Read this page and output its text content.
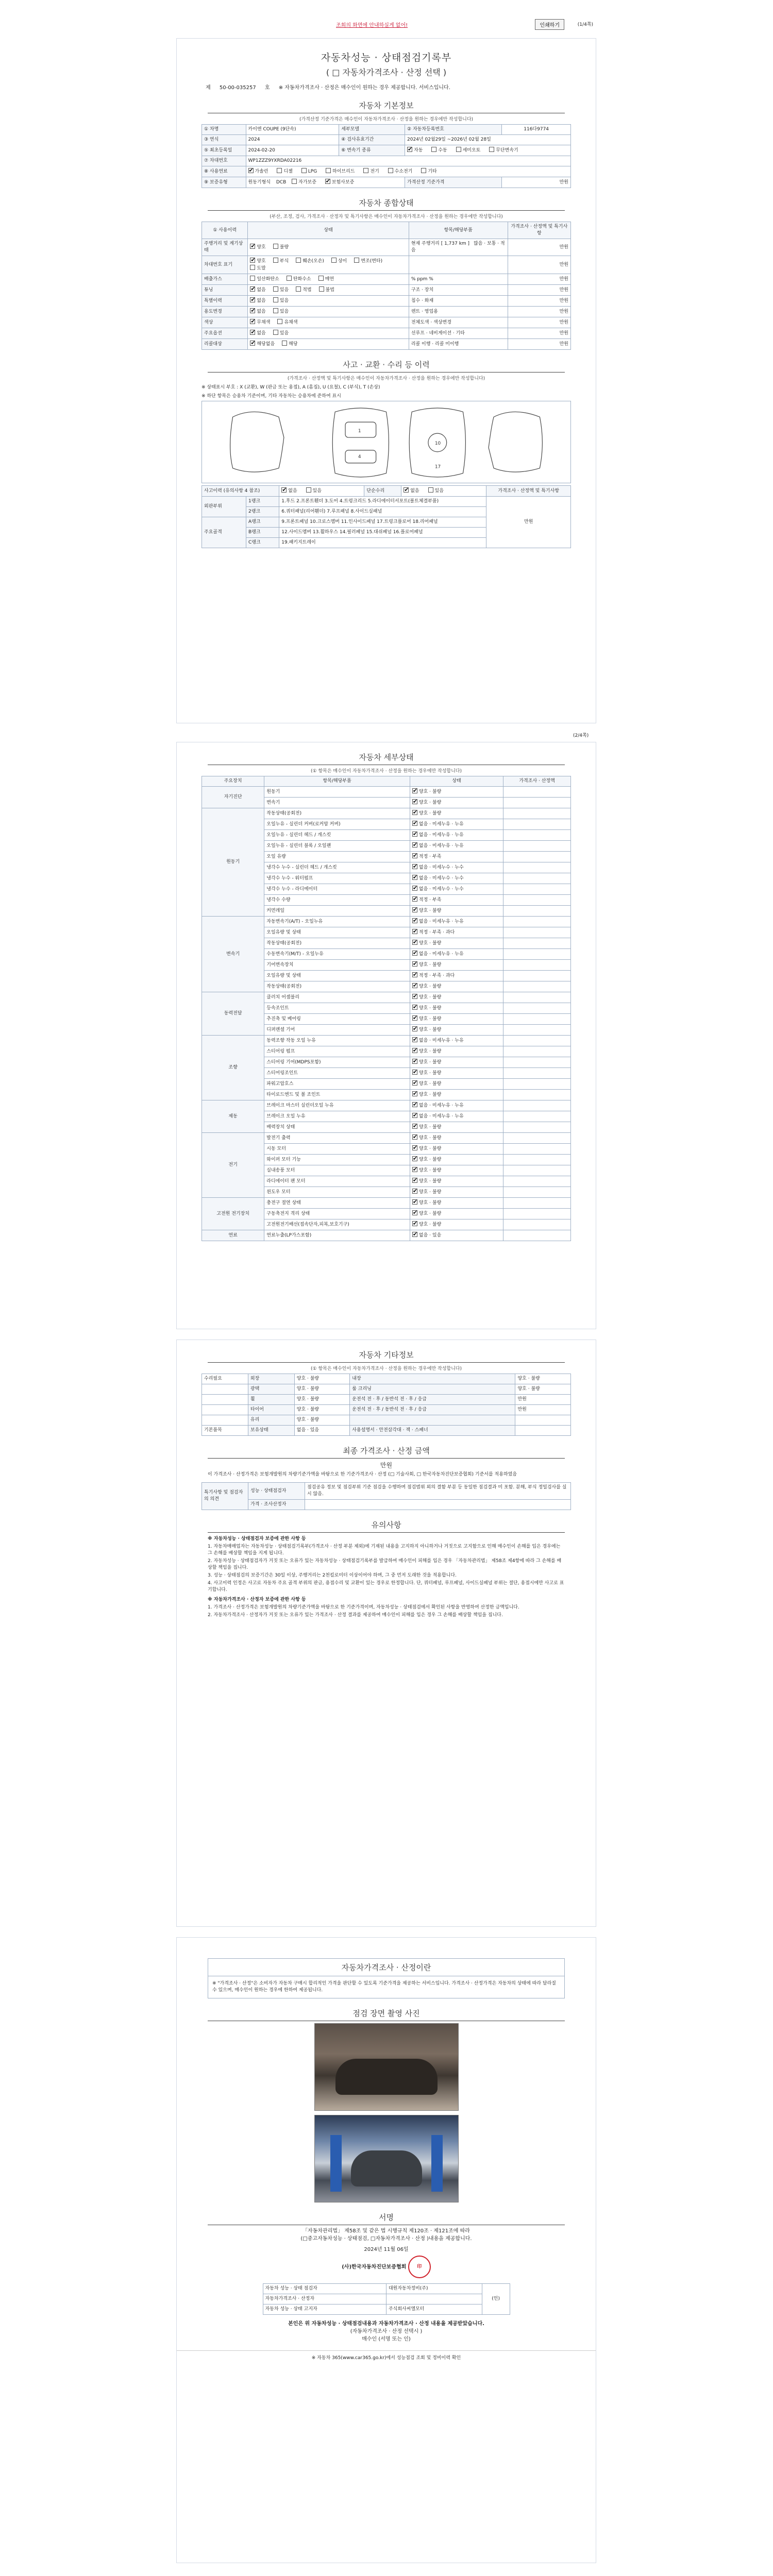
조회의 화면에 안내하실게 없어!	인쇄하기	(1/4쪽)
자동차성능 · 상태점검기록부
( □ 자동차가격조사 · 산정 선택 )
제 50-00-035257 호 ※ 자동차가격조사 · 산정은 매수인이 원하는 경우 제공합니다. 서비스입니다.
자동차 기본정보
(가격산정 기준가격은 매수인이 자동차가격조사 · 산정을 원하는 경우에만 작성합니다)
① 차명	카이엔 COUPE (9단속)	세부모델	② 자동차등록번호	116다9774
③ 연식	2024	④ 검사유효기간	2024년 02월29일 ~2026년 02월 28일	
⑤ 최초등록일	2024-02-20	⑥ 변속기 종류	✔자동 수동 세미오토 무단변속기
⑦ 차대번호	WP1ZZZ9YXRDA02216			
⑧ 사용연료	✔가솔린 디젤 LPG 하이브리드 전기 수소전기 기타
⑨ 보증유형	원동기형식 DCB 자가보증 ✔ 보험사보증		가격산정 기준가격	만원
자동차 종합상태
(부산, 조정, 검사, 가격조사 · 산정자 및 특기사항은 매수인이 자동차가격조사 · 산정을 원하는 경우에만 작성합니다)
① 사용이력	상태	항목/해당부품	가격조사 · 산정액 및 특기사항
주행거리 및 계기상태	✔양호 불량	현재 주행거리 [ 1,737 km ] 많음 · 보통 · 적음	만원
차대번호 표기	✔양호 부식 훼손(오손) 상이 변조(변타)도말		만원
배출가스	일산화탄소 탄화수소 매연	% ppm %	만원
튜닝	✔없음 있음 적법 불법	구조 · 장치	만원
특별이력	✔없음 있음	침수 · 화재	만원
용도변경	✔없음 있음	렌트 · 영업용	만원
색상	✔무채색 유채색	전체도색 · 색상변경	만원
주요옵션	✔없음 있음	선루프 · 네비게이션 · 기타	만원
리콜대상	✔해당없음 해당	리콜 이행 · 리콜 미이행	만원
사고 · 교환 · 수리 등 이력
(가격조사 · 산정액 및 특기사항은 매수인이 자동차가격조사 · 산정을 원하는 경우에만 작성합니다)
※ 상태표시 부호 : X (교환), W (판금 또는 용접), A (흠집), U (요철), C (부식), T (손상)
※ 하단 항목은 승용차 기준이며, 기타 자동차는 승용차에 준하여 표시
1
4
10
17
사고이력 (유의사항 4 참조)	✔없음 있음	단순수리	✔없음 있음	가격조사 · 산정액 및 특기사항
외판부위	1랭크	1.후드 2.프론트휀더 3.도어 4.트렁크리드 5.라디에이터서포트(볼트체결부품)			만원
	2랭크	6.쿼터패널(리어휀더) 7.루프패널 8.사이드실패널			
주요골격	A랭크	9.프론트패널 10.크로스멤버 11.인사이드패널 17.트렁크플로어 18.리어패널			
	B랭크	12.사이드멤버 13.휠하우스 14.필러패널 15.대쉬패널 16.플로어패널			
	C랭크	19.패키지트레이			
(2/4쪽)
자동차 세부상태
(① 항목은 매수인이 자동차가격조사 · 산정을 원하는 경우에만 작성합니다)
주요장치	항목/해당부품	상태	가격조사 · 산정액
자기진단	원동기	✔양호 · 불량	
	변속기	✔양호 · 불량	
원동기	작동상태(공회전)	✔양호 · 불량	
	오일누유 - 실린더 커버(로커암 커버)	✔없음 · 미세누유 · 누유	
	오일누유 - 실린더 헤드 / 개스킷	✔없음 · 미세누유 · 누유	
	오일누유 - 실린더 블록 / 오일팬	✔없음 · 미세누유 · 누유	
	오일 유량	✔적정 · 부족	
	냉각수 누수 - 실린더 헤드 / 개스킷	✔없음 · 미세누수 · 누수	
	냉각수 누수 - 워터펌프	✔없음 · 미세누수 · 누수	
	냉각수 누수 - 라디에이터	✔없음 · 미세누수 · 누수	
	냉각수 수량	✔적정 · 부족	
	커먼레일	✔양호 · 불량	
변속기	자동변속기(A/T) - 오일누유	✔없음 · 미세누유 · 누유	
	오일유량 및 상태	✔적정 · 부족 · 과다	
	작동상태(공회전)	✔양호 · 불량	
	수동변속기(M/T) - 오일누유	✔없음 · 미세누유 · 누유	
	기어변속장치	✔양호 · 불량	
	오일유량 및 상태	✔적정 · 부족 · 과다	
	작동상태(공회전)	✔양호 · 불량	
동력전달	클러치 어셈블리	✔양호 · 불량	
	등속조인트	✔양호 · 불량	
	추진축 및 베어링	✔양호 · 불량	
	디퍼렌셜 기어	✔양호 · 불량	
조향	동력조향 작동 오일 누유	✔없음 · 미세누유 · 누유	
	스티어링 펌프	✔양호 · 불량	
	스티어링 기어(MDPS포함)	✔양호 · 불량	
	스티어링조인트	✔양호 · 불량	
	파워고압호스	✔양호 · 불량	
	타이로드엔드 및 볼 조인트	✔양호 · 불량	
제동	브레이크 마스터 실린더오일 누유	✔없음 · 미세누유 · 누유	
	브레이크 오일 누유	✔없음 · 미세누유 · 누유	
	배력장치 상태	✔양호 · 불량	
전기	발전기 출력	✔양호 · 불량	
	시동 모터	✔양호 · 불량	
	와이퍼 모터 기능	✔양호 · 불량	
	실내송풍 모터	✔양호 · 불량	
	라디에이터 팬 모터	✔양호 · 불량	
	윈도우 모터	✔양호 · 불량	
고전원 전기장치	충전구 절연 상태	✔양호 · 불량	
	구동축전지 격리 상태	✔양호 · 불량	
	고전원전기배선(접속단자,피복,보호기구)	✔양호 · 불량	
연료	연료누출(LP가스포함)	✔없음 · 있음	
자동차 기타정보
(① 항목은 매수인이 자동차가격조사 · 산정을 원하는 경우에만 작성합니다)
수리필요	외장	양호 · 불량	내장	양호 · 불량
	광택	양호 · 불량	룸 크리닝	양호 · 불량
	휠	양호 · 불량	운전석 전 · 후 / 동반석 전 · 후 / 응급	만원
	타이어	양호 · 불량	운전석 전 · 후 / 동반석 전 · 후 / 응급	만원
	유리	양호 · 불량		
기본품목	보유상태	없음 · 있음	사용설명서 · 안전삼각대 · 잭 · 스패너	
최종 가격조사 · 산정 금액
만원
이 가격조사 · 산정가격은 보험개발원의 차량기준가액을 바탕으로 한 기준가격조사 · 산정 (□ 기술사회, □ 한국자동차진단보증협회) 기준서를 적용하였음
특기사항 및 점검자의 의견	성능 · 상태점검자	점검공유 정보 및 점검부위 기준 점검을 수행하며 점검범위 외의 결함 부분 등 동일한 점검결과 미 포함. 분해, 부식 정밀검사를 실시 않음.
	가격 · 조사산정자	
유의사항

※ 자동차성능 · 상태점검자 보증에 관한 사항 등

1. 자동차매매업자는 자동차성능 · 상태점검기록부(가격조사 · 산정 부분 제외)에 기재된 내용을 고지하지 아니하거나 거짓으로 고지함으로 인해 매수인이 손해를 입은 경우에는 그 손해를 배상할 책임을 지게 됩니다.

2. 자동차성능 · 상태점검자가 거짓 또는 오류가 있는 자동차성능 · 상태점검기록부를 발급하여 매수인이 피해를 입은 경우 「자동차관리법」 제58조 제4항에 따라 그 손해를 배상할 책임을 집니다.

3. 성능 · 상태점검의 보증기간은 30일 이상, 주행거리는 2천킬로미터 이상이어야 하며, 그 중 먼저 도래한 것을 적용합니다.

4. 사고이력 인정은 사고로 자동차 주요 골격 부위의 판금, 용접수리 및 교환이 있는 경우로 한정합니다. 단, 쿼터패널, 루프패널, 사이드실패널 부위는 절단, 용접시에만 사고로 표기합니다.

※ 자동차가격조사 · 산정자 보증에 관한 사항 등

1. 가격조사 · 산정가격은 보험개발원의 차량기준가액을 바탕으로 한 기준가격이며, 자동차성능 · 상태점검에서 확인된 사항을 반영하여 산정한 금액입니다.

2. 자동차가격조사 · 산정자가 거짓 또는 오류가 있는 가격조사 · 산정 결과를 제공하여 매수인이 피해를 입은 경우 그 손해를 배상할 책임을 집니다.

자동차가격조사 · 산정이란
※ "가격조사 · 산정"은 소비자가 자동차 구매시 합리적인 가격을 판단할 수 있도록 기준가격을 제공하는 서비스입니다. 가격조사 · 산정가격은 자동차의 상태에 따라 달라질 수 있으며, 매수인이 원하는 경우에 한하여 제공됩니다.
점검 장면 촬영 사진
서명
「자동차관리법」 제58조 및 같은 법 시행규칙 제120조 · 제121조에 따라
(□중고자동차성능 · 상태점검, □자동차가격조사 · 산정 )내용을 제공합니다.
2024년 11월 06일
(사)한국자동차진단보증협회 印
자동차 성능 · 상태 점검자	대원자동차정비(주)	(인)
자동차가격조사 · 산정자		
자동차 성능 · 상태 고지자	주식회사씨엘모터	
본인은 위 자동차성능 · 상태점검내용과 자동차가격조사 · 산정 내용을 제공받았습니다.
(자동차가격조사 · 산정 선택시 )
매수인 (서명 또는 인)
※ 자동차 365(www.car365.go.kr)에서 성능점검 조회 및 정비이력 확인
